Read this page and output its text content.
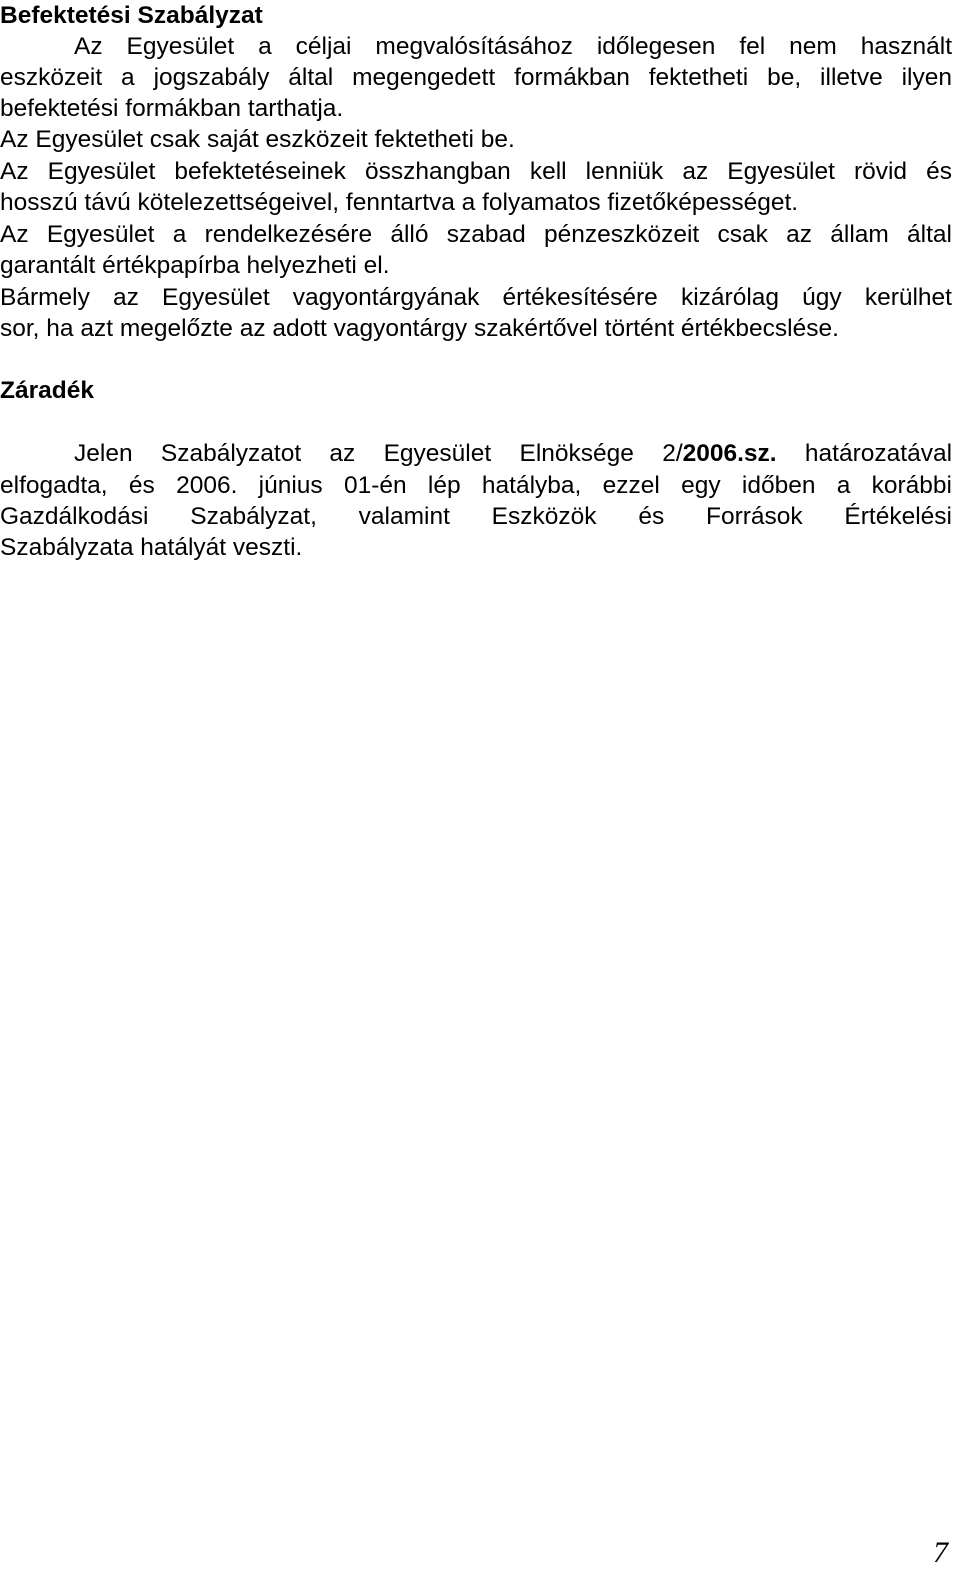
Befektetési Szabályzat

Az Egyesület a céljai megvalósításához időlegesen fel nem használt

eszközeit a jogszabály által megengedett formákban fektetheti be, illetve ilyen

befektetési formákban tarthatja.

Az Egyesület csak saját eszközeit fektetheti be.

Az Egyesület befektetéseinek összhangban kell lenniük az Egyesület rövid és

hosszú távú kötelezettségeivel, fenntartva a folyamatos fizetőképességet.

Az Egyesület a rendelkezésére álló szabad pénzeszközeit csak az állam által

garantált értékpapírba helyezheti el.

Bármely az Egyesület vagyontárgyának értékesítésére kizárólag úgy kerülhet

sor, ha azt megelőzte az adott vagyontárgy szakértővel történt értékbecslése.

Záradék

Jelen Szabályzatot az Egyesület Elnöksége 2/2006.sz. határozatával

elfogadta, és 2006. június 01-én lép hatályba, ezzel egy időben a korábbi

Gazdálkodási Szabályzat, valamint Eszközök és Források Értékelési

Szabályzata hatályát veszti.

7
